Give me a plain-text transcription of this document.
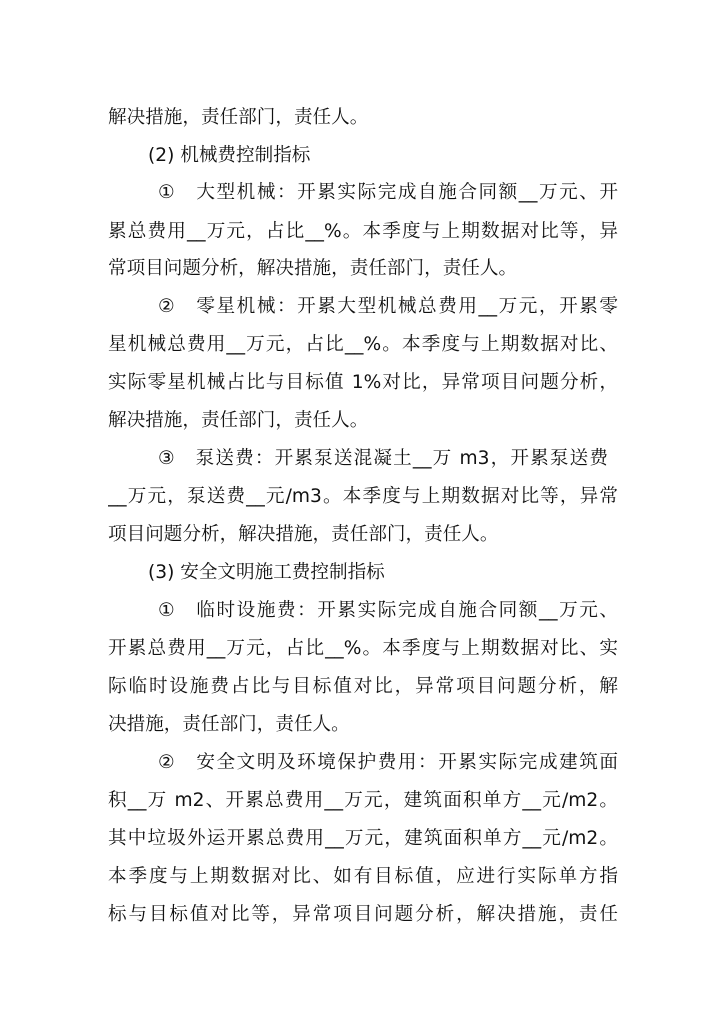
解决措施，责任部门，责任人。
(2) 机械费控制指标
①　大型机械：开累实际完成自施合同额__万元、开
累总费用__万元，占比__%。本季度与上期数据对比等，异
常项目问题分析，解决措施，责任部门，责任人。
②　零星机械：开累大型机械总费用__万元，开累零
星机械总费用__万元，占比__%。本季度与上期数据对比、
实际零星机械占比与目标值 1%对比，异常项目问题分析，
解决措施，责任部门，责任人。
③　泵送费：开累泵送混凝土__万 m3，开累泵送费
__万元，泵送费__元/m3。本季度与上期数据对比等，异常
项目问题分析，解决措施，责任部门，责任人。
(3) 安全文明施工费控制指标
①　临时设施费：开累实际完成自施合同额__万元、
开累总费用__万元，占比__%。本季度与上期数据对比、实
际临时设施费占比与目标值对比，异常项目问题分析，解
决措施，责任部门，责任人。
②　安全文明及环境保护费用：开累实际完成建筑面
积__万 m2、开累总费用__万元，建筑面积单方__元/m2。
其中垃圾外运开累总费用__万元，建筑面积单方__元/m2。
本季度与上期数据对比、如有目标值，应进行实际单方指
标与目标值对比等，异常项目问题分析，解决措施，责任
